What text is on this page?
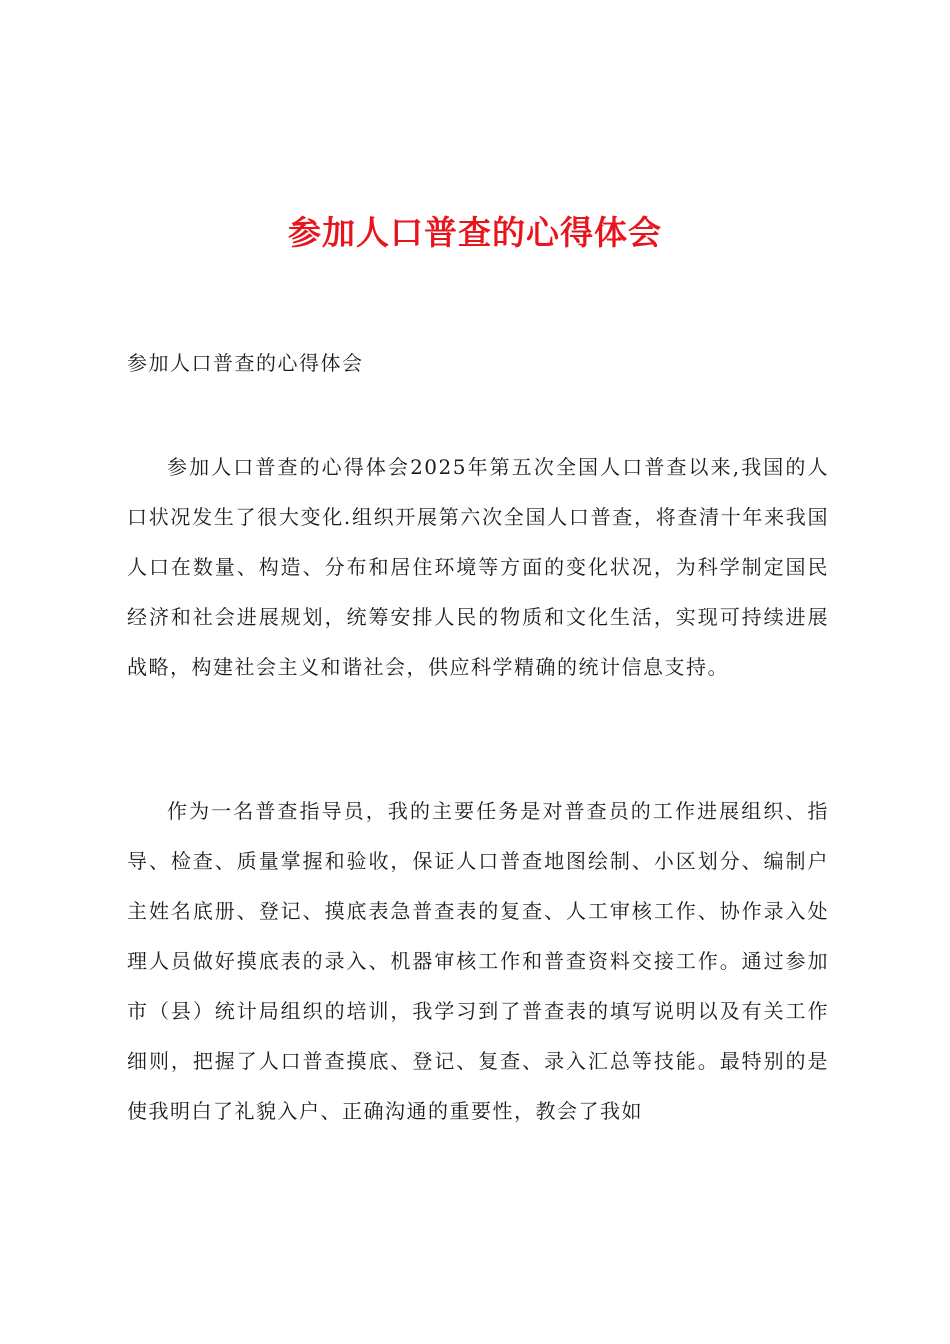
参加人口普查的心得体会
参加人口普查的心得体会

参加人口普查的心得体会2025年第五次全国人口普查以来,我国的人口状况发生了很大变化.组织开展第六次全国人口普查，将查清十年来我国人口在数量、构造、分布和居住环境等方面的变化状况，为科学制定国民经济和社会进展规划，统筹安排人民的物质和文化生活，实现可持续进展战略，构建社会主义和谐社会，供应科学精确的统计信息支持。

作为一名普查指导员，我的主要任务是对普查员的工作进展组织、指导、检查、质量掌握和验收，保证人口普查地图绘制、小区划分、编制户主姓名底册、登记、摸底表急普查表的复查、人工审核工作、协作录入处理人员做好摸底表的录入、机器审核工作和普查资料交接工作。通过参加市（县）统计局组织的培训，我学习到了普查表的填写说明以及有关工作细则，把握了人口普查摸底、登记、复查、录入汇总等技能。最特别的是使我明白了礼貌入户、正确沟通的重要性，教会了我如
